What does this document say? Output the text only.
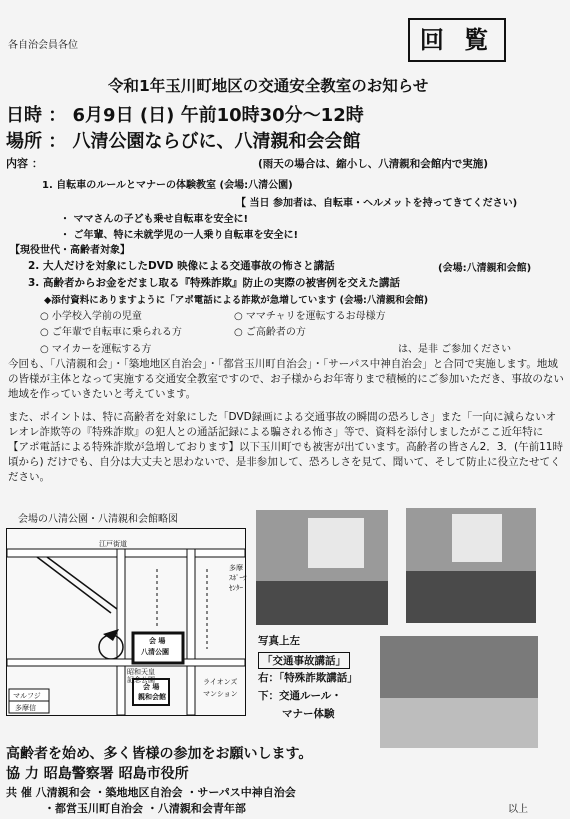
各自治会員各位	回 覧
令和1年玉川町地区の交通安全教室のお知らせ
日時 ： 6月9日 (日) 午前10時30分～12時
場所 ： 八清公園ならびに、八清親和会会館
内容 ：	(雨天の場合は、縮小し、八清親和会館内で実施)
1. 自転車のルールとマナーの体験教室 (会場:八清公園)
【 当日 参加者は、自転車・ヘルメットを持ってきてください)
・ ママさんの子ども乗せ自転車を安全に!
・ ご年輩、特に未就学児の一人乗り自転車を安全に!
【現役世代・高齢者対象】
2. 大人だけを対象にしたDVD 映像による交通事故の怖さと講話	(会場:八清親和会館)
3. 高齢者からお金をだまし取る『特殊詐欺』防止の実際の被害例を交えた講話
◆添付資料にありますように「アポ電話による詐欺が急増しています (会場:八清親和会館)
○ 小学校入学前の児童	○ ママチャリを運転するお母様方
○ ご年輩で自転車に乗られる方	○ ご高齢者の方
○ マイカーを運転する方	は、是非 ご参加ください
今回も、「八清親和会」・「築地地区自治会」・「都営玉川町自治会」・「サーパス中神自治会」と合同で実施します。地域の皆様が主体となって実施する交通安全教室ですので、お子様からお年寄りまで積極的にご参加いただき、事故のない地域を作っていきたいと考えています。
また、ポイントは、特に高齢者を対象にした「DVD録画による交通事故の瞬間の恐ろしさ」また「一向に減らないオレオレ詐欺等の『特殊詐欺』の犯人との通話記録による騙される怖さ」等で、資料を添付しましたがここ近年特に【アポ電話による特殊詐欺が急増しております】以下玉川町でも被害が出ています。高齢者の皆さん2．3．(午前11時頃から) だけでも、自分は大丈夫と思わないで、是非参加して、恐ろしさを見て、聞いて、そして防止に役立たせてください。
会場の八清公園・八清親和会館略図
江戸街道
会 場
八清公園
会 場
親和会館
マルフジ
多摩信
ライオンズ
マンション
多摩
ｽﾎﾟｰﾂ
ｾﾝﾀｰ
昭和天皇
記念公園
写真上左
「交通事故講話」
右：「特殊詐欺講話」
下：交通ルール・
マナー体験
高齢者を始め、多く皆様の参加をお願いします。
協 力 昭島警察署 昭島市役所
共 催 八清親和会 ・築地地区自治会 ・サーパス中神自治会
・都営玉川町自治会 ・八清親和会青年部	以上
